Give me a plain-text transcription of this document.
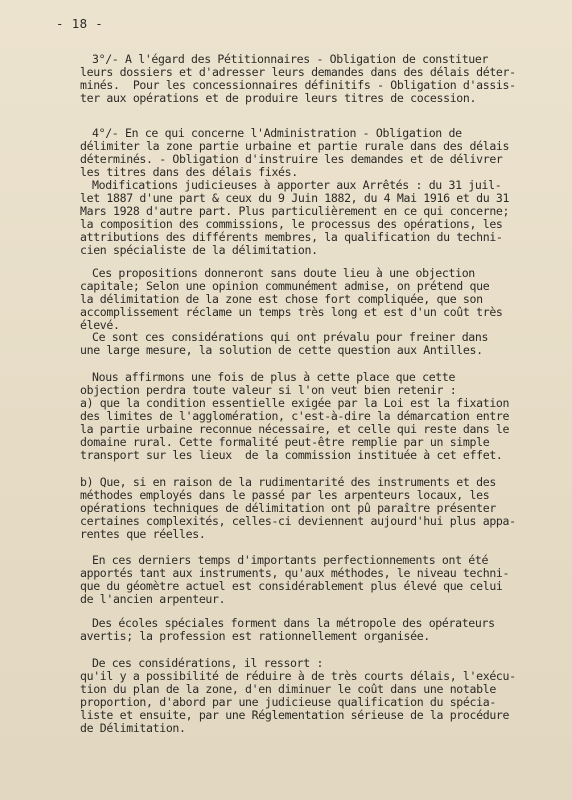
- 18 -
3°/- A l'égard des Pétitionnaires - Obligation de constituer
leurs dossiers et d'adresser leurs demandes dans des délais déter-
minés.  Pour les concessionnaires définitifs - Obligation d'assis-
ter aux opérations et de produire leurs titres de cocession.
4°/- En ce qui concerne l'Administration - Obligation de
délimiter la zone partie urbaine et partie rurale dans des délais
déterminés. - Obligation d'instruire les demandes et de délivrer
les titres dans des délais fixés.
Modifications judicieuses à apporter aux Arrêtés : du 31 juil-
let 1887 d'une part & ceux du 9 Juin 1882, du 4 Mai 1916 et du 31
Mars 1928 d'autre part. Plus particulièrement en ce qui concerne;
la composition des commissions, le processus des opérations, les
attributions des différents membres, la qualification du techni-
cien spécialiste de la délimitation.
Ces propositions donneront sans doute lieu à une objection
capitale; Selon une opinion communément admise, on prétend que
la délimitation de la zone est chose fort compliquée, que son
accomplissement réclame un temps très long et est d'un coût très
élevé.
Ce sont ces considérations qui ont prévalu pour freiner dans
une large mesure, la solution de cette question aux Antilles.
Nous affirmons une fois de plus à cette place que cette
objection perdra toute valeur si l'on veut bien retenir :
a) que la condition essentielle exigée par la Loi est la fixation
des limites de l'agglomération, c'est-à-dire la démarcation entre
la partie urbaine reconnue nécessaire, et celle qui reste dans le
domaine rural. Cette formalité peut-être remplie par un simple
transport sur les lieux  de la commission instituée à cet effet.
b) Que, si en raison de la rudimentarité des instruments et des
méthodes employés dans le passé par les arpenteurs locaux, les
opérations techniques de délimitation ont pû paraître présenter
certaines complexités, celles-ci deviennent aujourd'hui plus appa-
rentes que réelles.
En ces derniers temps d'importants perfectionnements ont été
apportés tant aux instruments, qu'aux méthodes, le niveau techni-
que du géomètre actuel est considérablement plus élevé que celui
de l'ancien arpenteur.
Des écoles spéciales forment dans la métropole des opérateurs
avertis; la profession est rationnellement organisée.
De ces considérations, il ressort :
qu'il y a possibilité de réduire à de très courts délais, l'exécu-
tion du plan de la zone, d'en diminuer le coût dans une notable
proportion, d'abord par une judicieuse qualification du spécia-
liste et ensuite, par une Réglementation sérieuse de la procédure
de Délimitation.
